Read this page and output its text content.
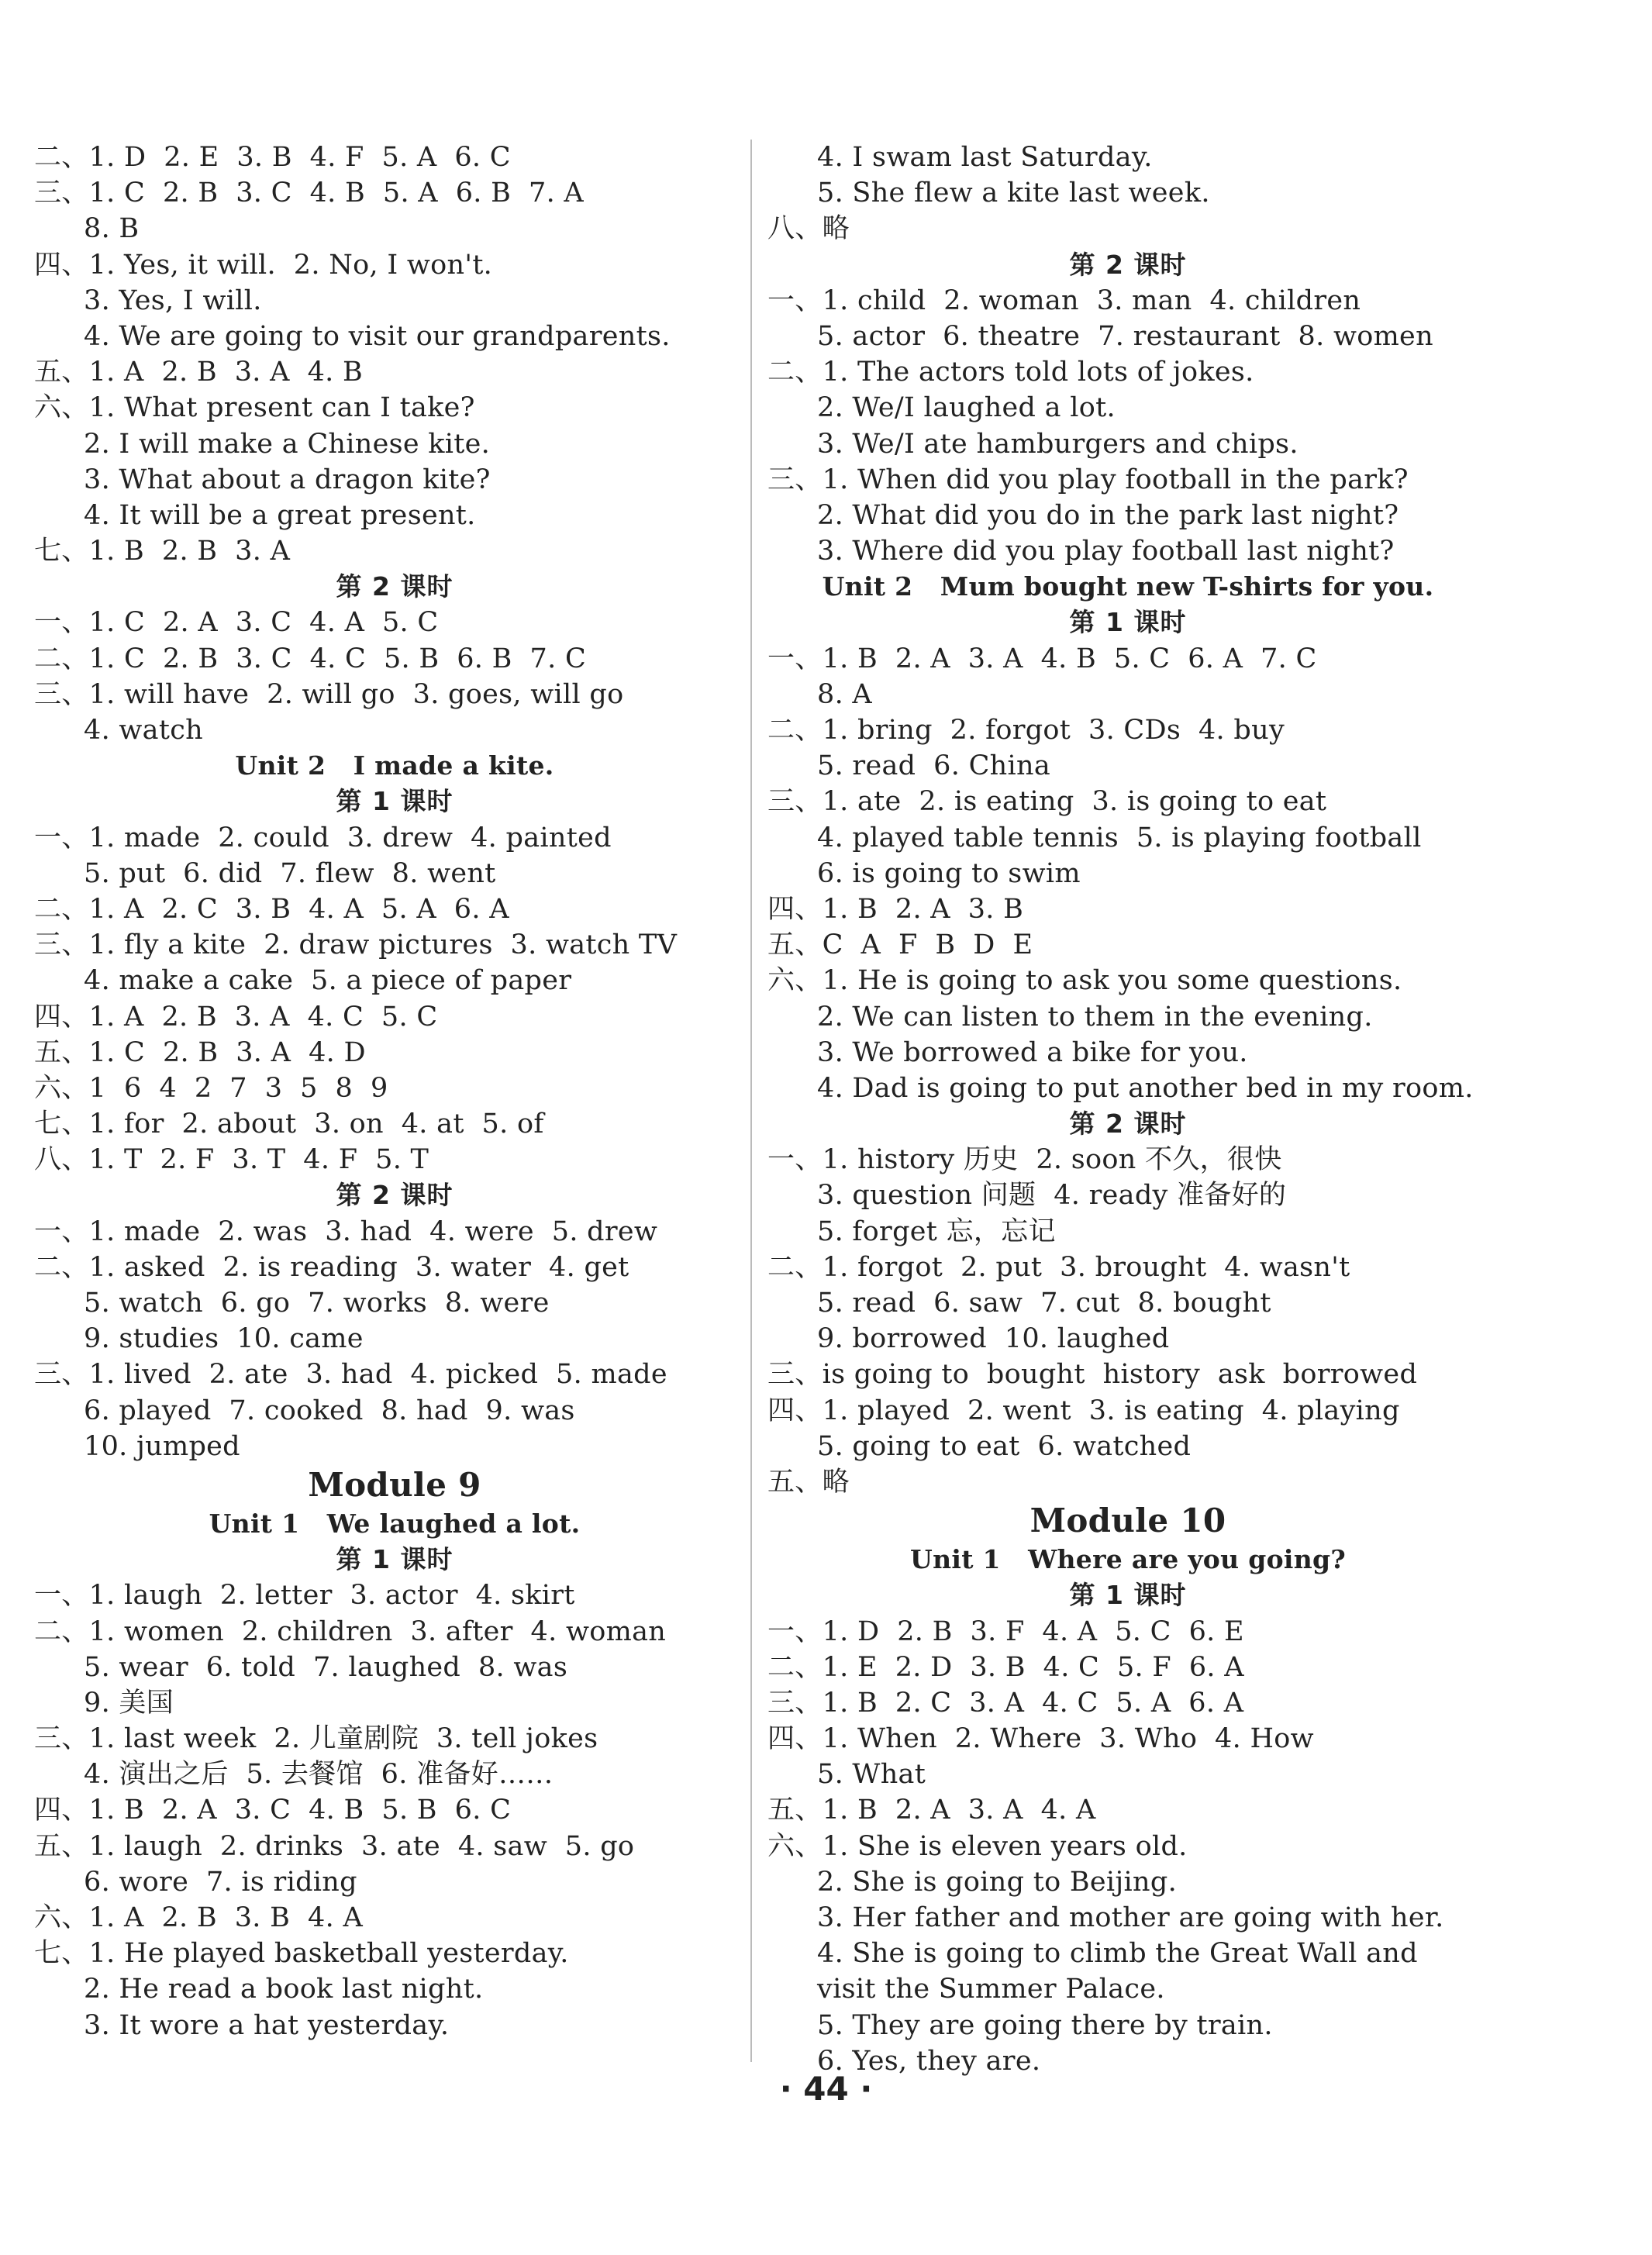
二、1. D  2. E  3. B  4. F  5. A  6. C
三、1. C  2. B  3. C  4. B  5. A  6. B  7. A
8. B
四、1. Yes, it will.  2. No, I won't.
3. Yes, I will.
4. We are going to visit our grandparents.
五、1. A  2. B  3. A  4. B
六、1. What present can I take?
2. I will make a Chinese kite.
3. What about a dragon kite?
4. It will be a great present.
七、1. B  2. B  3. A
第 2 课时
一、1. C  2. A  3. C  4. A  5. C
二、1. C  2. B  3. C  4. C  5. B  6. B  7. C
三、1. will have  2. will go  3. goes, will go
4. watch
Unit 2   I made a kite.
第 1 课时
一、1. made  2. could  3. drew  4. painted
5. put  6. did  7. flew  8. went
二、1. A  2. C  3. B  4. A  5. A  6. A
三、1. fly a kite  2. draw pictures  3. watch TV
4. make a cake  5. a piece of paper
四、1. A  2. B  3. A  4. C  5. C
五、1. C  2. B  3. A  4. D
六、1  6  4  2  7  3  5  8  9
七、1. for  2. about  3. on  4. at  5. of
八、1. T  2. F  3. T  4. F  5. T
第 2 课时
一、1. made  2. was  3. had  4. were  5. drew
二、1. asked  2. is reading  3. water  4. get
5. watch  6. go  7. works  8. were
9. studies  10. came
三、1. lived  2. ate  3. had  4. picked  5. made
6. played  7. cooked  8. had  9. was
10. jumped
Module 9
Unit 1   We laughed a lot.
第 1 课时
一、1. laugh  2. letter  3. actor  4. skirt
二、1. women  2. children  3. after  4. woman
5. wear  6. told  7. laughed  8. was
9. 美国
三、1. last week  2. 儿童剧院  3. tell jokes
4. 演出之后  5. 去餐馆  6. 准备好……
四、1. B  2. A  3. C  4. B  5. B  6. C
五、1. laugh  2. drinks  3. ate  4. saw  5. go
6. wore  7. is riding
六、1. A  2. B  3. B  4. A
七、1. He played basketball yesterday.
2. He read a book last night.
3. It wore a hat yesterday.
4. I swam last Saturday.
5. She flew a kite last week.
八、略
第 2 课时
一、1. child  2. woman  3. man  4. children
5. actor  6. theatre  7. restaurant  8. women
二、1. The actors told lots of jokes.
2. We/I laughed a lot.
3. We/I ate hamburgers and chips.
三、1. When did you play football in the park?
2. What did you do in the park last night?
3. Where did you play football last night?
Unit 2   Mum bought new T-shirts for you.
第 1 课时
一、1. B  2. A  3. A  4. B  5. C  6. A  7. C
8. A
二、1. bring  2. forgot  3. CDs  4. buy
5. read  6. China
三、1. ate  2. is eating  3. is going to eat
4. played table tennis  5. is playing football
6. is going to swim
四、1. B  2. A  3. B
五、C  A  F  B  D  E
六、1. He is going to ask you some questions.
2. We can listen to them in the evening.
3. We borrowed a bike for you.
4. Dad is going to put another bed in my room.
第 2 课时
一、1. history 历史  2. soon 不久，很快
3. question 问题  4. ready 准备好的
5. forget 忘，忘记
二、1. forgot  2. put  3. brought  4. wasn't
5. read  6. saw  7. cut  8. bought
9. borrowed  10. laughed
三、is going to  bought  history  ask  borrowed
四、1. played  2. went  3. is eating  4. playing
5. going to eat  6. watched
五、略
Module 10
Unit 1   Where are you going?
第 1 课时
一、1. D  2. B  3. F  4. A  5. C  6. E
二、1. E  2. D  3. B  4. C  5. F  6. A
三、1. B  2. C  3. A  4. C  5. A  6. A
四、1. When  2. Where  3. Who  4. How
5. What
五、1. B  2. A  3. A  4. A
六、1. She is eleven years old.
2. She is going to Beijing.
3. Her father and mother are going with her.
4. She is going to climb the Great Wall and
visit the Summer Palace.
5. They are going there by train.
6. Yes, they are.
· 44 ·
